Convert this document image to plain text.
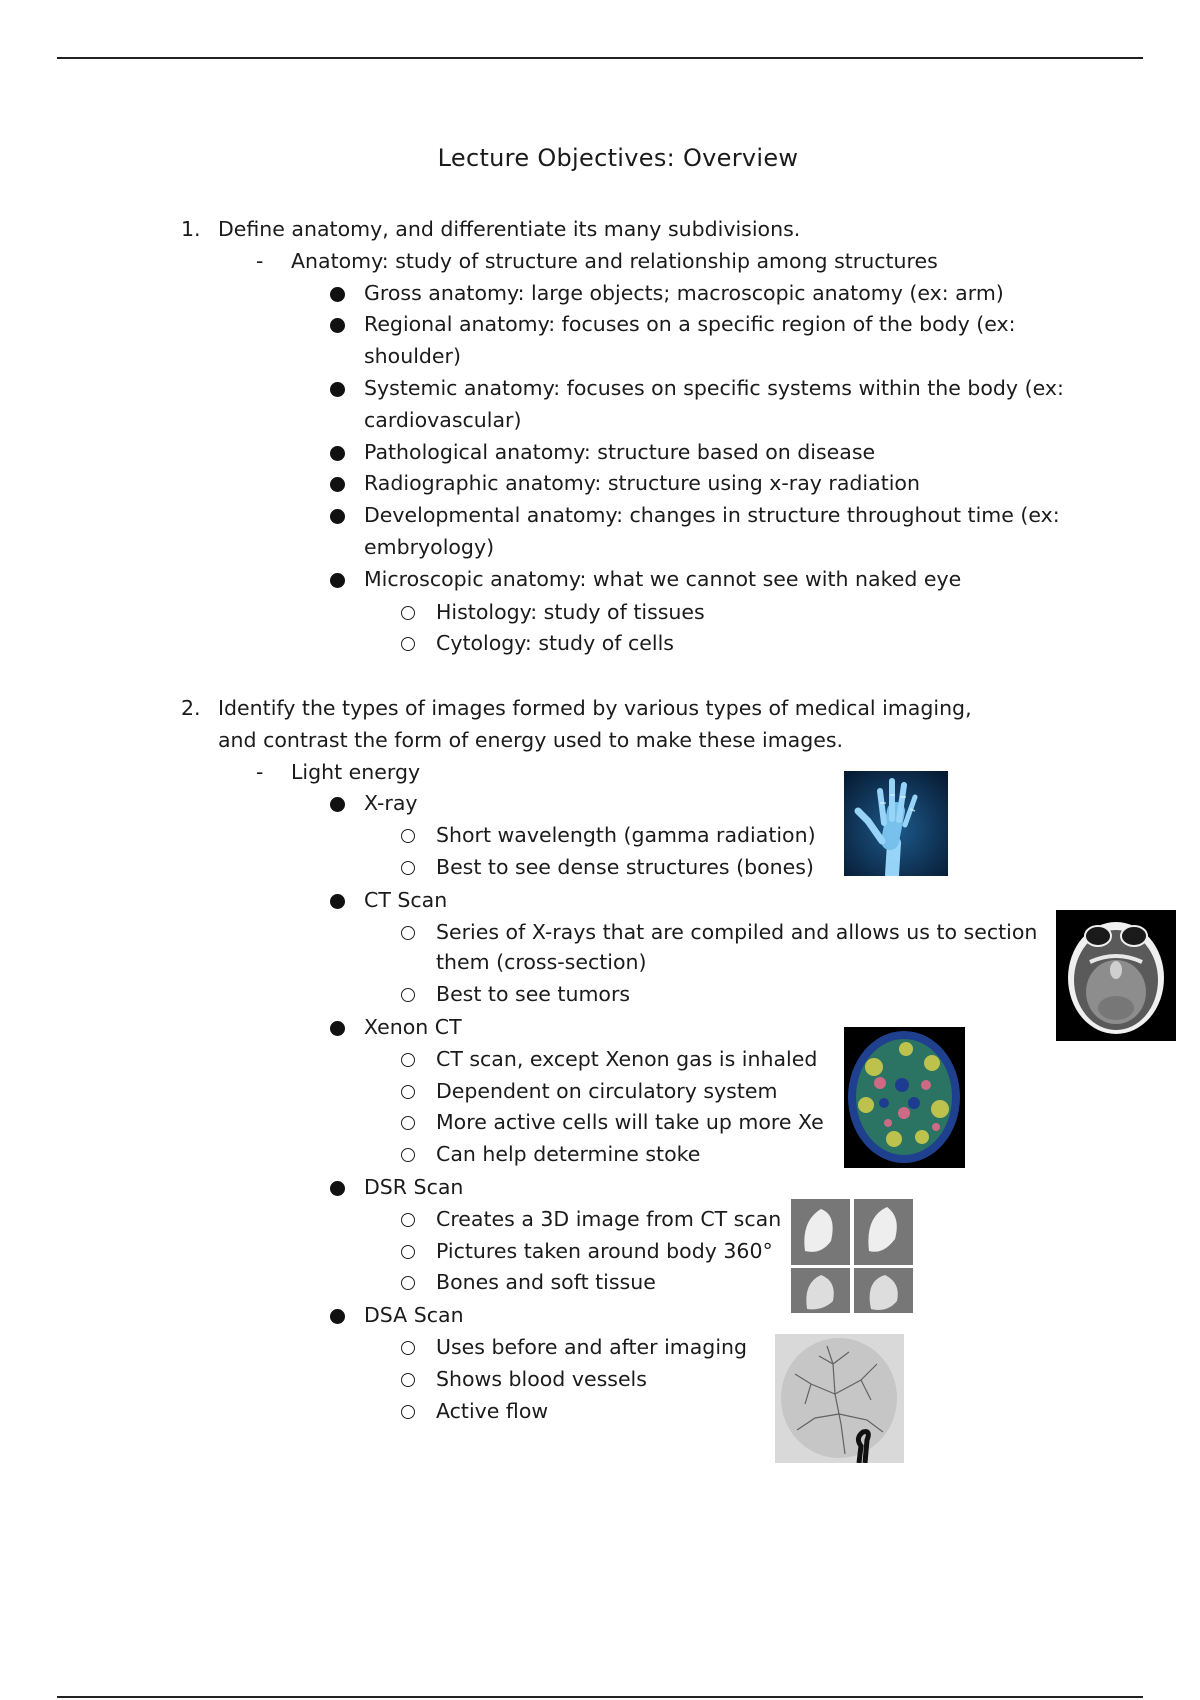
Lecture Objectives: Overview
1. Define anatomy, and differentiate its many subdivisions.
- Anatomy: study of structure and relationship among structures
Gross anatomy: large objects; macroscopic anatomy (ex: arm)
Regional anatomy: focuses on a specific region of the body (ex:
shoulder)
Systemic anatomy: focuses on specific systems within the body (ex:
cardiovascular)
Pathological anatomy: structure based on disease
Radiographic anatomy: structure using x-ray radiation
Developmental anatomy: changes in structure throughout time (ex:
embryology)
Microscopic anatomy: what we cannot see with naked eye
Histology: study of tissues
Cytology: study of cells
2. Identify the types of images formed by various types of medical imaging,
and contrast the form of energy used to make these images.
- Light energy
X-ray
Short wavelength (gamma radiation)
Best to see dense structures (bones)
CT Scan
Series of X-rays that are compiled and allows us to section
them (cross-section)
Best to see tumors
Xenon CT
CT scan, except Xenon gas is inhaled
Dependent on circulatory system
More active cells will take up more Xe
Can help determine stoke
DSR Scan
Creates a 3D image from CT scan
Pictures taken around body 360°
Bones and soft tissue
DSA Scan
Uses before and after imaging
Shows blood vessels
Active flow
